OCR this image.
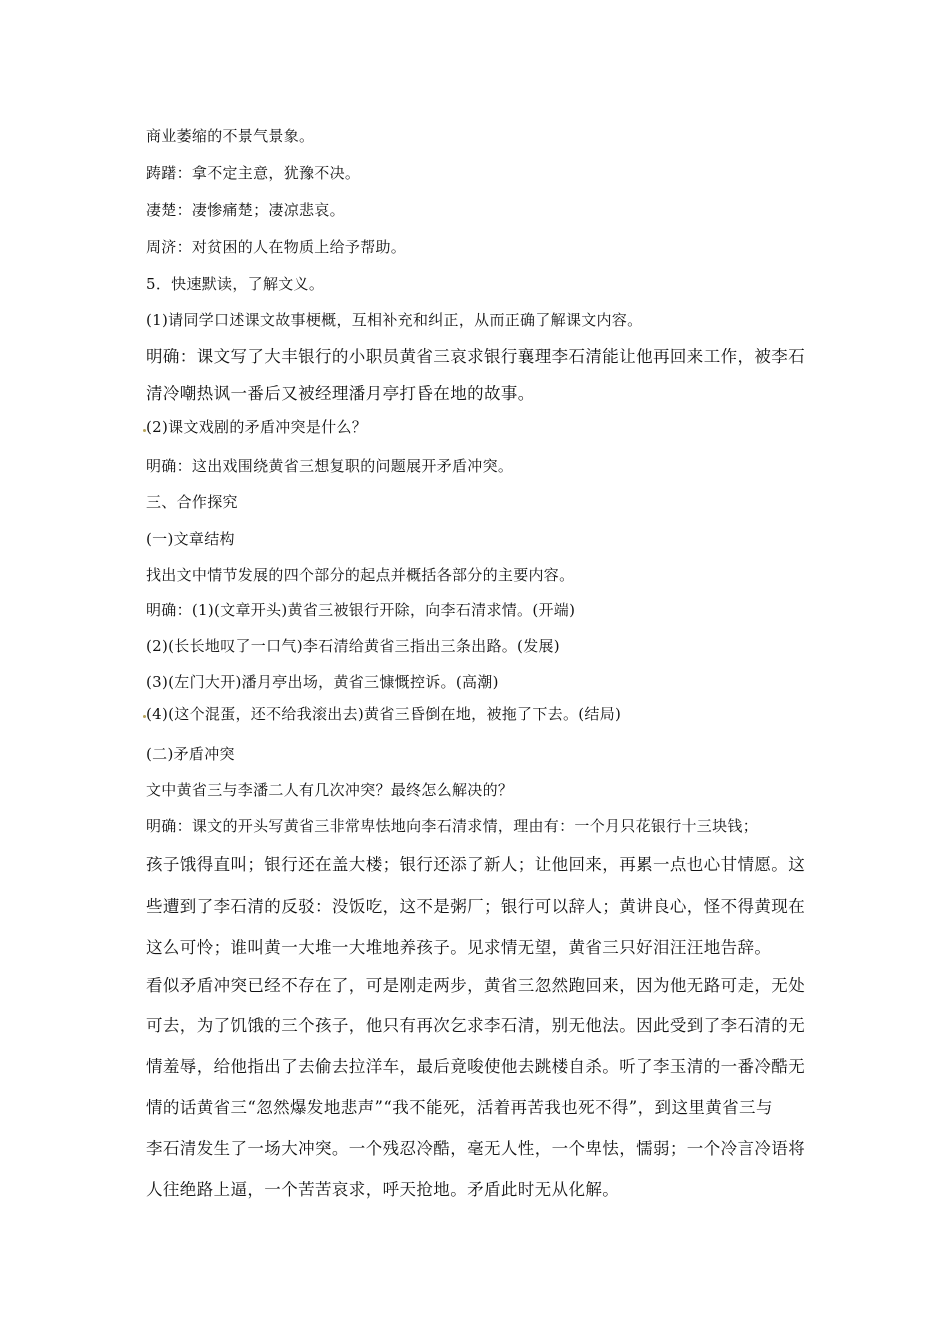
商业萎缩的不景气景象。
踌躇：拿不定主意，犹豫不决。
凄楚：凄惨痛楚；凄凉悲哀。
周济：对贫困的人在物质上给予帮助。
5．快速默读，了解文义。
(1)请同学口述课文故事梗概，互相补充和纠正，从而正确了解课文内容。
明确：课文写了大丰银行的小职员黄省三哀求银行襄理李石清能让他再回来工作，被李石
清冷嘲热讽一番后又被经理潘月亭打昏在地的故事。
(2)课文戏剧的矛盾冲突是什么？
明确：这出戏围绕黄省三想复职的问题展开矛盾冲突。
三、合作探究
(一)文章结构
找出文中情节发展的四个部分的起点并概括各部分的主要内容。
明确：(1)(文章开头)黄省三被银行开除，向李石清求情。(开端)
(2)(长长地叹了一口气)李石清给黄省三指出三条出路。(发展)
(3)(左门大开)潘月亭出场，黄省三慷慨控诉。(高潮)
(4)(这个混蛋，还不给我滚出去)黄省三昏倒在地，被拖了下去。(结局)
(二)矛盾冲突
文中黄省三与李潘二人有几次冲突？最终怎么解决的？
明确：课文的开头写黄省三非常卑怯地向李石清求情，理由有：一个月只花银行十三块钱；
孩子饿得直叫；银行还在盖大楼；银行还添了新人；让他回来，再累一点也心甘情愿。这
些遭到了李石清的反驳：没饭吃，这不是粥厂；银行可以辞人；黄讲良心，怪不得黄现在
这么可怜；谁叫黄一大堆一大堆地养孩子。见求情无望，黄省三只好泪汪汪地告辞。
看似矛盾冲突已经不存在了，可是刚走两步，黄省三忽然跑回来，因为他无路可走，无处
可去，为了饥饿的三个孩子，他只有再次乞求李石清，别无他法。因此受到了李石清的无
情羞辱，给他指出了去偷去拉洋车，最后竟唆使他去跳楼自杀。听了李玉清的一番冷酷无
情的话黄省三“忽然爆发地悲声”“我不能死，活着再苦我也死不得”，到这里黄省三与
李石清发生了一场大冲突。一个残忍冷酷，毫无人性，一个卑怯，懦弱；一个冷言冷语将
人往绝路上逼，一个苦苦哀求，呼天抢地。矛盾此时无从化解。
